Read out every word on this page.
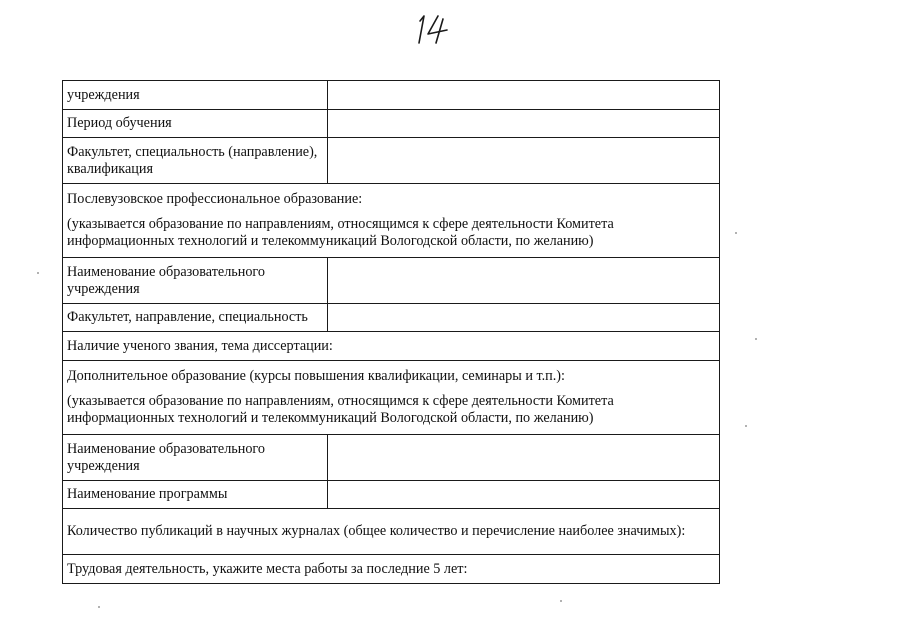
учреждения	
Период обучения	
Факультет, специальность (направление), квалификация	

Послевузовское профессиональное образование:
(указывается образование по направлениям, относящимся к сфере деятельности Комитета информационных технологий и телекоммуникаций Вологодской области, по желанию)	

Наименование образовательного учреждения	
Факультет, направление, специальность	
Наличие ученого звания, тема диссертации:	

Дополнительное образование (курсы повышения квалификации, семинары и т.п.):
(указывается образование по направлениям, относящимся к сфере деятельности Комитета информационных технологий и телекоммуникаций Вологодской области, по желанию)	

Наименование образовательного учреждения	
Наименование программы	
Количество публикаций в научных журналах (общее количество и перечисление наиболее значимых):	
Трудовая деятельность, укажите места работы за последние 5 лет:	
